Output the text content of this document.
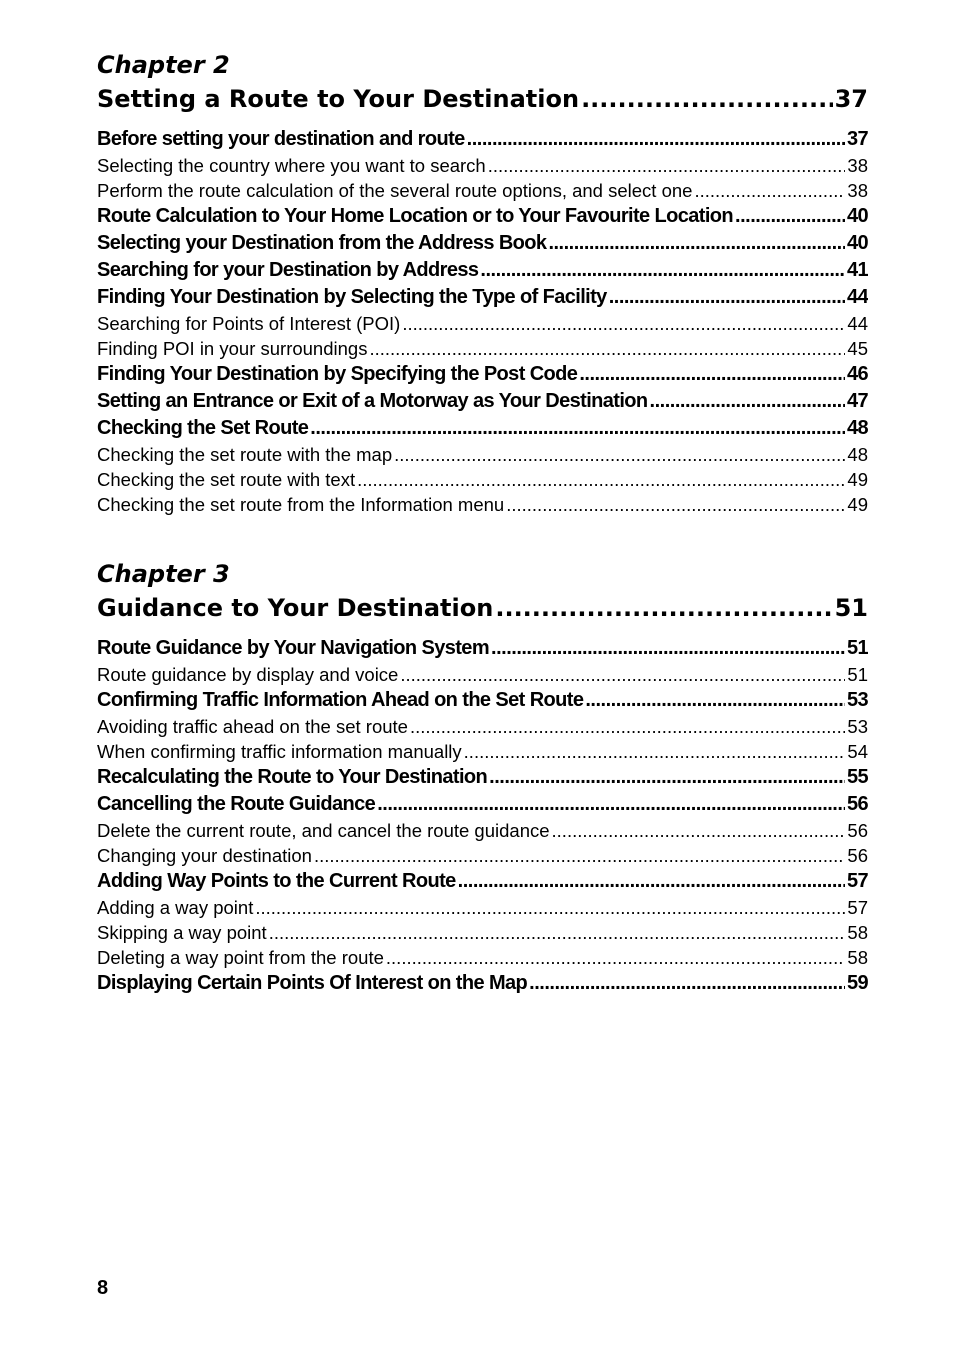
Chapter 2
Setting a Route to Your Destination .....	37
Before setting your destination and route .....	37
Selecting the country where you want to search .....	38
Perform the route calculation of the several route options, and select one .....	38
Route Calculation to Your Home Location or to Your Favourite Location .....	40
Selecting your Destination from the Address Book .....	40
Searching for your Destination by Address .....	41
Finding Your Destination by Selecting the Type of Facility .....	44
Searching for Points of Interest (POI) .....	44
Finding POI in your surroundings .....	45
Finding Your Destination by Specifying the Post Code .....	46
Setting an Entrance or Exit of a Motorway as Your Destination .....	47
Checking the Set Route .....	48
Checking the set route with the map .....	48
Checking the set route with text .....	49
Checking the set route from the Information menu .....	49
Chapter 3
Guidance to Your Destination .....	51
Route Guidance by Your Navigation System .....	51
Route guidance by display and voice .....	51
Confirming Traffic Information Ahead on the Set Route .....	53
Avoiding traffic ahead on the set route .....	53
When confirming traffic information manually .....	54
Recalculating the Route to Your Destination .....	55
Cancelling the Route Guidance .....	56
Delete the current route, and cancel the route guidance .....	56
Changing your destination .....	56
Adding Way Points to the Current Route .....	57
Adding a way point .....	57
Skipping a way point .....	58
Deleting a way point from the route .....	58
Displaying Certain Points Of Interest on the Map .....	59
8
